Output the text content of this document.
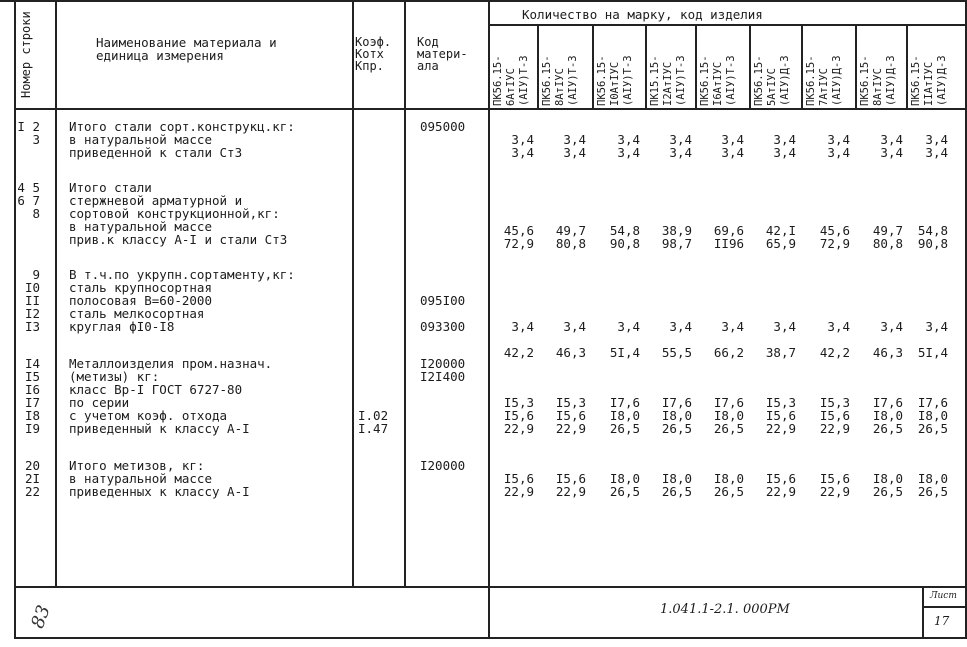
Номер строки	Наименование материала и
единица измерения
Коэф.
Котх
Кпр.
Код
матери-
ала
Количество на марку, код изделия
ПК56.15-
6AтIУС
(AIУ)Т-3 ПК56.15-
8AтIУС
(AIУ)Т-3 ПК56.15-
I0AтIУС
(AIУ)Т-3 ПК15.15-
I2AтIУС
(AIУ)Т-3 ПК56.15-
I6AтIУС
(AIУ)Т-3 ПК56.15-
5AтIУС
(AIУ)Д-3 ПК56.15-
7AтIУС
(AIУ)Д-3 ПК56.15-
8AтIУС
(AIУ)Д-3 ПК56.15-
IIAтIУС
(AIУ)Д-3
I 2 3
4 5 6 7 8
9 I0 II I2 I3
I4 I5 I6 I7 I8 I9
20 2I 22
Итого стали сорт.конструкц.кг:
в натуральной массе
приведенной к стали Ст3
Итого стали
стержневой арматурной и
сортовой конструкционной,кг:
в натуральной массе
прив.к классу А-I и стали Ст3
В т.ч.по укрупн.сортаменту,кг:
сталь крупносортная
полосовая B=60-2000
сталь мелкосортная
круглая фI0-I8
Металлоизделия пром.назнач.
(метизы) кг:
класс Вр-I ГОСТ 6727-80
по серии
с учетом коэф. отхода
приведенный к классу А-I
Итого метизов, кг:
в натуральной массе
приведенных к классу А-I

I.02
I.47
095000

095I00

093300
I20000
I2I400
I20000
3,4
3,4
3,4
3,4
3,4
3,4
3,4
3,4
3,4
3,4
3,4
3,4
3,4
3,4
3,4
3,4
3,4
3,4
45,6
72,9
49,7
80,8
54,8
90,8
38,9
98,7
69,6
II96
42,I
65,9
45,6
72,9
49,7
80,8
54,8
90,8

3,4

42,2

3,4

46,3

3,4

5I,4

3,4

55,5

3,4

66,2

3,4

38,7

3,4

42,2

3,4

46,3

3,4

5I,4

I5,3
I5,6
22,9

I5,3
I5,6
22,9

I7,6
I8,0
26,5

I7,6
I8,0
26,5

I7,6
I8,0
26,5

I5,3
I5,6
22,9

I5,3
I5,6
22,9

I7,6
I8,0
26,5

I7,6
I8,0
26,5

I5,6
22,9

I5,6
22,9

I8,0
26,5

I8,0
26,5

I8,0
26,5

I5,6
22,9

I5,6
22,9

I8,0
26,5

I8,0
26,5
83	1.041.1-2.1. 000PM
Лист
17
